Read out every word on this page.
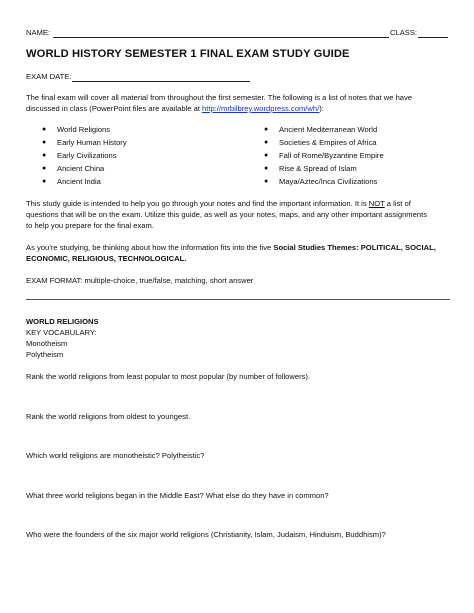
NAME:	CLASS:
WORLD HISTORY SEMESTER 1 FINAL EXAM STUDY GUIDE
EXAM DATE:
The final exam will cover all material from throughout the first semester. The following is a list of notes that we have
discussed in class (PowerPoint files are available at http://mrbilbrey.wordpress.com/wh/):
● World Religions
● Early Human History
● Early Civilizations
● Ancient China
● Ancient India
● Ancient Mediterranean World
● Societies & Empires of Africa
● Fall of Rome/Byzantine Empire
● Rise & Spread of Islam
● Maya/Aztec/Inca Civilizations
This study guide is intended to help you go through your notes and find the important information. It is NOT a list of
questions that will be on the exam. Utilize this guide, as well as your notes, maps, and any other important assignments
to help you prepare for the final exam.
As you’re studying, be thinking about how the information fits into the five Social Studies Themes: POLITICAL, SOCIAL,
ECONOMIC, RELIGIOUS, TECHNOLOGICAL.
EXAM FORMAT: multiple-choice, true/false, matching, short answer
WORLD RELIGIONS
KEY VOCABULARY:
Monotheism
Polytheism
Rank the world religions from least popular to most popular (by number of followers).
Rank the world religions from oldest to youngest.
Which world religions are monotheistic? Polytheistic?
What three world religions began in the Middle East? What else do they have in common?
Who were the founders of the six major world religions (Christianity, Islam, Judaism, Hinduism, Buddhism)?
